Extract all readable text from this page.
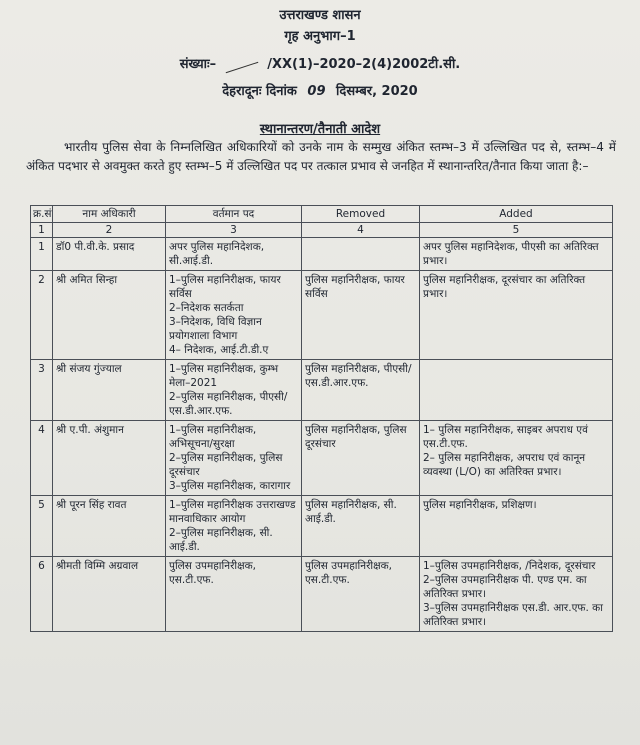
उत्तराखण्ड शासन
गृह अनुभाग–1
संख्याः–	/XX(1)–2020–2(4)2002टी.सी.
देहरादूनः दिनांक 09 दिसम्बर, 2020
स्थानान्तरण/तैनाती आदेश
भारतीय पुलिस सेवा के निम्नलिखित अधिकारियों को उनके नाम के सम्मुख अंकित स्तम्भ–3 में उल्लिखित पद से, स्तम्भ–4 में अंकित पदभार से अवमुक्त करते हुए स्तम्भ–5 में उल्लिखित पद पर तत्काल प्रभाव से जनहित में स्थानान्तरित/तैनात किया जाता है:–
क्र.सं	नाम अधिकारी	वर्तमान पद	Removed	Added
1	2	3	4	5
1	डॉ0 पी.वी.के. प्रसाद	अपर पुलिस महानिदेशक, सी.आई.डी.		अपर पुलिस महानिदेशक, पीएसी का अतिरिक्त प्रभार।

2	श्री अमित सिन्हा	1–पुलिस महानिरीक्षक, फायर सर्विस
2–निदेशक सतर्कता
3–निदेशक, विधि विज्ञान प्रयोगशाला विभाग
4– निदेशक, आई.टी.डी.ए	पुलिस महानिरीक्षक, फायर सर्विस	पुलिस महानिरीक्षक, दूरसंचार का अतिरिक्त प्रभार।

3	श्री संजय गुंज्याल	1–पुलिस महानिरीक्षक, कुम्भ मेला–2021
2–पुलिस महानिरीक्षक, पीएसी/एस.डी.आर.एफ.	पुलिस महानिरीक्षक, पीएसी/एस.डी.आर.एफ.	

4	श्री ए.पी. अंशुमान	1–पुलिस महानिरीक्षक, अभिसूचना/सुरक्षा
2–पुलिस महानिरीक्षक, पुलिस दूरसंचार
3–पुलिस महानिरीक्षक, कारागार	पुलिस महानिरीक्षक, पुलिस दूरसंचार	1– पुलिस महानिरीक्षक, साइबर अपराध एवं एस.टी.एफ.
2– पुलिस महानिरीक्षक, अपराध एवं कानून व्यवस्था (L/O) का अतिरिक्त प्रभार।

5	श्री पूरन सिंह रावत	1–पुलिस महानिरीक्षक उत्तराखण्ड मानवाधिकार आयोग
2–पुलिस महानिरीक्षक, सी. आई.डी.	पुलिस महानिरीक्षक, सी. आई.डी.	पुलिस महानिरीक्षक, प्रशिक्षण।

6	श्रीमती विम्मि अग्रवाल	पुलिस उपमहानिरीक्षक, एस.टी.एफ.	पुलिस उपमहानिरीक्षक, एस.टी.एफ.	1–पुलिस उपमहानिरीक्षक, /निदेशक, दूरसंचार
2–पुलिस उपमहानिरीक्षक पी. एण्ड एम. का अतिरिक्त प्रभार।
3–पुलिस उपमहानिरीक्षक एस.डी. आर.एफ. का अतिरिक्त प्रभार।
